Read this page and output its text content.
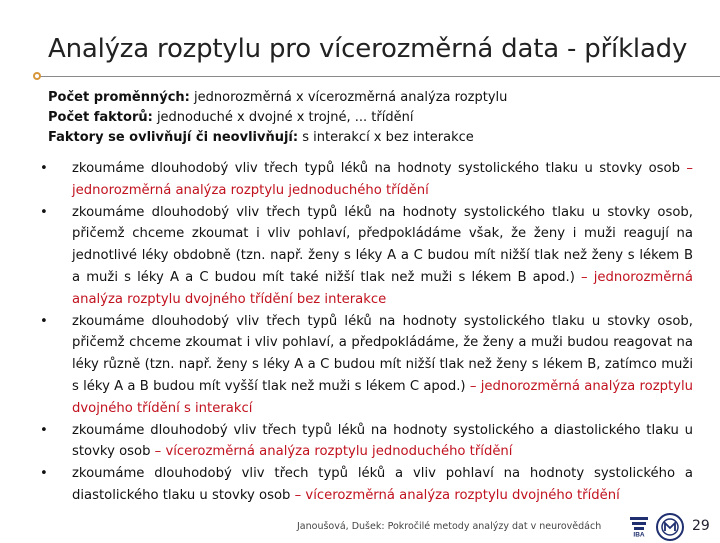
Analýza rozptylu pro vícerozměrná data - příklady
Počet proměnných: jednorozměrná x vícerozměrná analýza rozptylu
Počet faktorů: jednoduché x dvojné x trojné, ... třídění
Faktory se ovlivňují či neovlivňují: s interakcí x bez interakce
• zkoumáme dlouhodobý vliv třech typů léků na hodnoty systolického tlaku u stovky osob – jednorozměrná analýza rozptylu jednoduchého třídění
• zkoumáme dlouhodobý vliv třech typů léků na hodnoty systolického tlaku u stovky osob, přičemž chceme zkoumat i vliv pohlaví, předpokládáme však, že ženy i muži reagují na jednotlivé léky obdobně (tzn. např. ženy s léky A a C budou mít nižší tlak než ženy s lékem B a muži s léky A a C budou mít také nižší tlak než muži s lékem B apod.) – jednorozměrná analýza rozptylu dvojného třídění bez interakce
• zkoumáme dlouhodobý vliv třech typů léků na hodnoty systolického tlaku u stovky osob, přičemž chceme zkoumat i vliv pohlaví, a předpokládáme, že ženy a muži budou reagovat na léky různě (tzn. např. ženy s léky A a C budou mít nižší tlak než ženy s lékem B, zatímco muži s léky A a B budou mít vyšší tlak než muži s lékem C apod.) – jednorozměrná analýza rozptylu dvojného třídění s interakcí
• zkoumáme dlouhodobý vliv třech typů léků na hodnoty systolického a diastolického tlaku u stovky osob – vícerozměrná analýza rozptylu jednoduchého třídění
• zkoumáme dlouhodobý vliv třech typů léků a vliv pohlaví na hodnoty systolického a diastolického tlaku u stovky osob – vícerozměrná analýza rozptylu dvojného třídění
Janoušová, Dušek: Pokročilé metody analýzy dat v neurovědách
IBA
29
